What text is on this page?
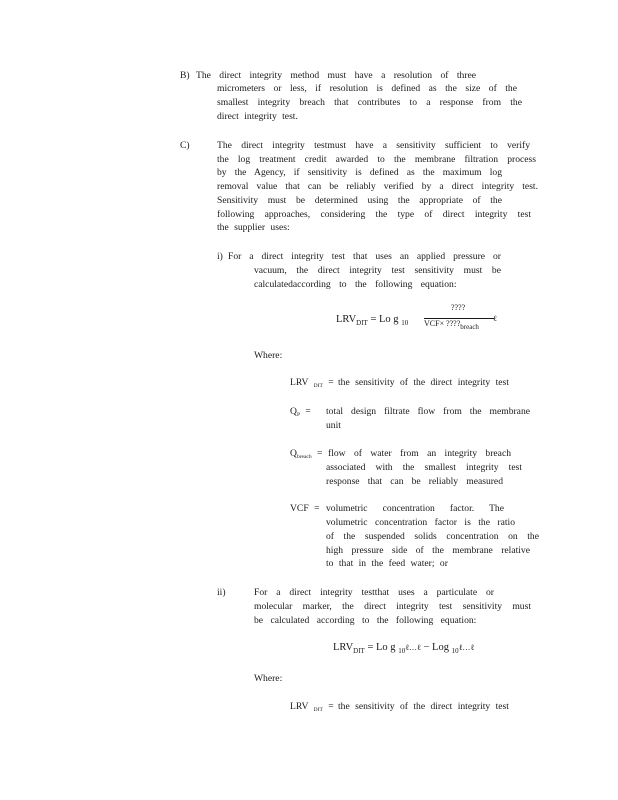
B) The direct integrity method must have a resolution of three
micrometers or less, if resolution is defined as the size of the
smallest integrity breach that contributes to a response from the
direct integrity test.
C)	The direct integrity testmust have a sensitivity sufficient to verify
the log treatment credit awarded to the membrane filtration process
by the Agency, if sensitivity is defined as the maximum log
removal value that can be reliably verified by a direct integrity test.
Sensitivity must be determined using the appropriate of the
following approaches, considering the type of direct integrity test
the supplier uses:
i) For a direct integrity test that uses an applied pressure or
vacuum, the direct integrity test sensitivity must be
calculatedaccording to the following equation:
????
$LRV_{DIT} = Lo$ g $_{10}$ VCF× ????breach
ℓ
Where:
LRV $_{DIT}$ = the sensitivity of the direct integrity test
$Q_P$ = total design filtrate flow from the membrane
unit
$Q_{breach}$ = flow of water from an integrity breach
associated with the smallest integrity test
response that can be reliably measured
VCF = volumetric concentration factor. The
volumetric concentration factor is the ratio
of the suspended solids concentration on the
high pressure side of the membrane relative
to that in the feed water; or
ii)	For a direct integrity testthat uses a particulate or
molecular marker, the direct integrity test sensitivity must
be calculated according to the following equation:
$LRV_{DIT} = Lo$ g $_{10}$ℓ…ℓ − Log $_{10}$ℓ…ℓ
Where:
LRV $_{DIT}$ = the sensitivity of the direct integrity test
